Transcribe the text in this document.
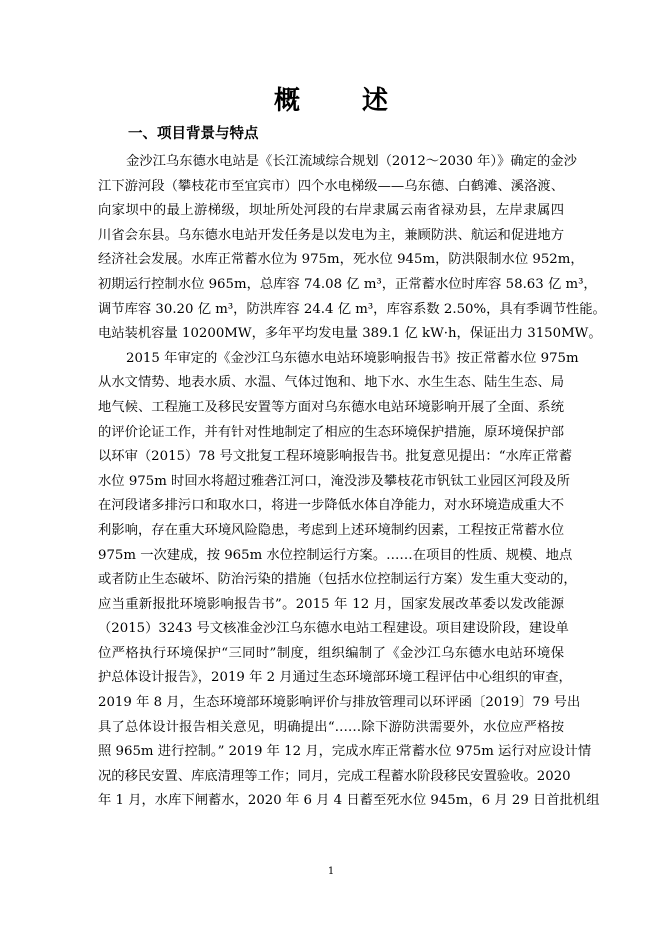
概　述
一、项目背景与特点
金沙江乌东德水电站是《长江流域综合规划（2012～2030 年）》确定的金沙
江下游河段（攀枝花市至宜宾市）四个水电梯级——乌东德、白鹤滩、溪洛渡、
向家坝中的最上游梯级，坝址所处河段的右岸隶属云南省禄劝县，左岸隶属四
川省会东县。乌东德水电站开发任务是以发电为主，兼顾防洪、航运和促进地方
经济社会发展。水库正常蓄水位为 975m，死水位 945m，防洪限制水位 952m，
初期运行控制水位 965m，总库容 74.08 亿 m³，正常蓄水位时库容 58.63 亿 m³，
调节库容 30.20 亿 m³，防洪库容 24.4 亿 m³，库容系数 2.50%，具有季调节性能。
电站装机容量 10200MW，多年平均发电量 389.1 亿 kW·h，保证出力 3150MW。
2015 年审定的《金沙江乌东德水电站环境影响报告书》按正常蓄水位 975m
从水文情势、地表水质、水温、气体过饱和、地下水、水生生态、陆生生态、局
地气候、工程施工及移民安置等方面对乌东德水电站环境影响开展了全面、系统
的评价论证工作，并有针对性地制定了相应的生态环境保护措施，原环境保护部
以环审（2015）78 号文批复工程环境影响报告书。批复意见提出：“水库正常蓄
水位 975m 时回水将超过雅砻江河口，淹没涉及攀枝花市钒钛工业园区河段及所
在河段诸多排污口和取水口，将进一步降低水体自净能力，对水环境造成重大不
利影响，存在重大环境风险隐患，考虑到上述环境制约因素，工程按正常蓄水位
975m 一次建成，按 965m 水位控制运行方案。……在项目的性质、规模、地点
或者防止生态破坏、防治污染的措施（包括水位控制运行方案）发生重大变动的，
应当重新报批环境影响报告书”。2015 年 12 月，国家发展改革委以发改能源
（2015）3243 号文核准金沙江乌东德水电站工程建设。项目建设阶段，建设单
位严格执行环境保护“三同时”制度，组织编制了《金沙江乌东德水电站环境保
护总体设计报告》，2019 年 2 月通过生态环境部环境工程评估中心组织的审查，
2019 年 8 月，生态环境部环境影响评价与排放管理司以环评函〔2019〕79 号出
具了总体设计报告相关意见，明确提出“……除下游防洪需要外，水位应严格按
照 965m 进行控制。” 2019 年 12 月，完成水库正常蓄水位 975m 运行对应设计情
况的移民安置、库底清理等工作；同月，完成工程蓄水阶段移民安置验收。2020
年 1 月，水库下闸蓄水，2020 年 6 月 4 日蓄至死水位 945m，6 月 29 日首批机组
1
